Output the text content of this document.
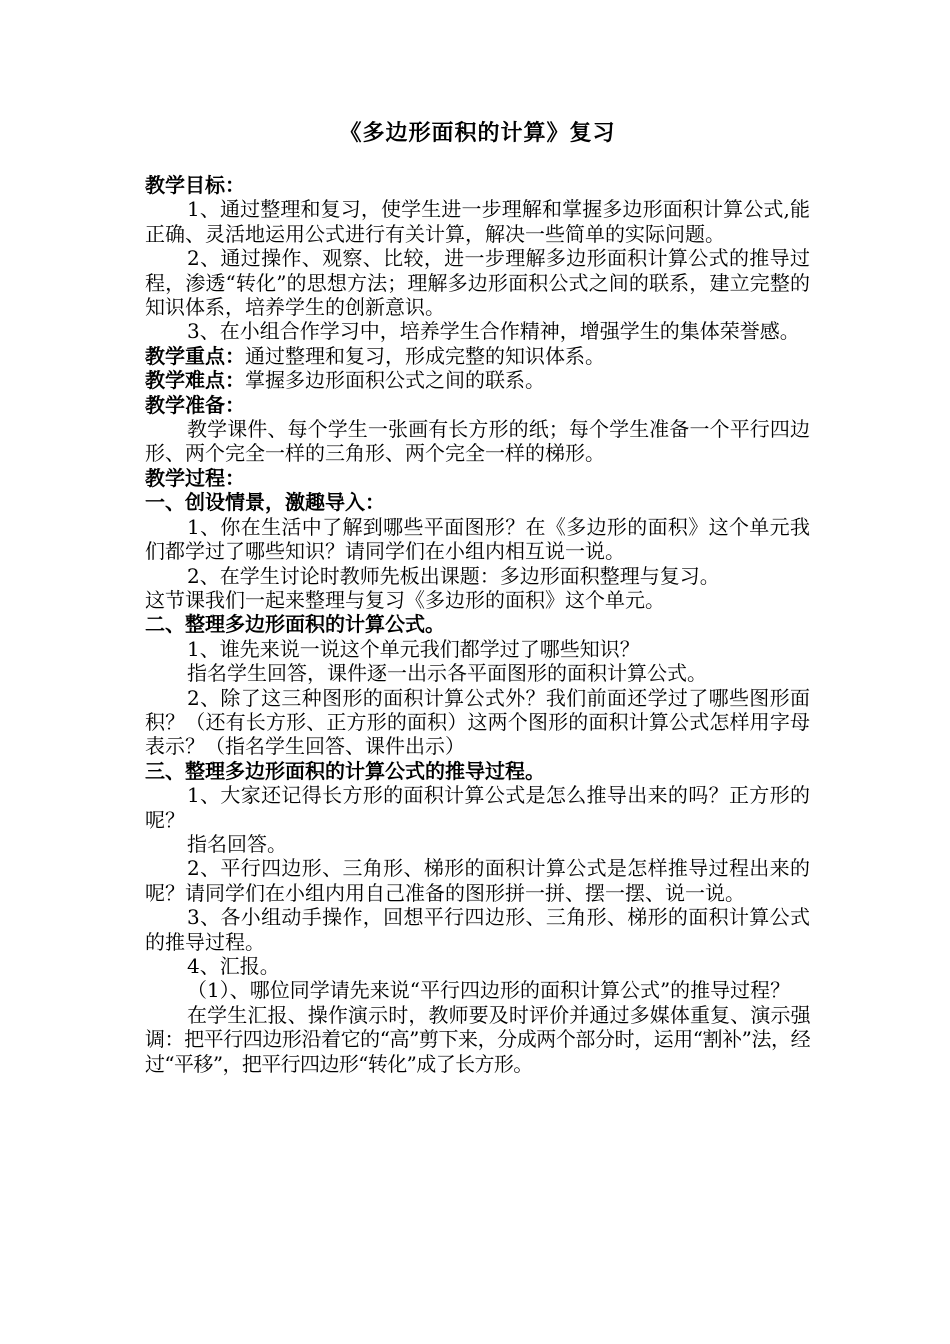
《多边形面积的计算》复习

教学目标：

1、通过整理和复习，使学生进一步理解和掌握多边形面积计算公式,能正确、灵活地运用公式进行有关计算，解决一些简单的实际问题。

2、通过操作、观察、比较，进一步理解多边形面积计算公式的推导过程，渗透“转化”的思想方法；理解多边形面积公式之间的联系，建立完整的知识体系，培养学生的创新意识。

3、在小组合作学习中，培养学生合作精神，增强学生的集体荣誉感。

教学重点：通过整理和复习，形成完整的知识体系。

教学难点：掌握多边形面积公式之间的联系。

教学准备：

教学课件、每个学生一张画有长方形的纸；每个学生准备一个平行四边形、两个完全一样的三角形、两个完全一样的梯形。

教学过程：

一、创设情景，激趣导入：

1、你在生活中了解到哪些平面图形？在《多边形的面积》这个单元我们都学过了哪些知识？请同学们在小组内相互说一说。

2、在学生讨论时教师先板出课题：多边形面积整理与复习。

这节课我们一起来整理与复习《多边形的面积》这个单元。

二、整理多边形面积的计算公式。

1、谁先来说一说这个单元我们都学过了哪些知识？

指名学生回答，课件逐一出示各平面图形的面积计算公式。

2、除了这三种图形的面积计算公式外？我们前面还学过了哪些图形面积？（还有长方形、正方形的面积）这两个图形的面积计算公式怎样用字母表示？（指名学生回答、课件出示）

三、整理多边形面积的计算公式的推导过程。

1、大家还记得长方形的面积计算公式是怎么推导出来的吗？正方形的呢？

指名回答。

2、平行四边形、三角形、梯形的面积计算公式是怎样推导过程出来的呢？请同学们在小组内用自己准备的图形拼一拼、摆一摆、说一说。

3、各小组动手操作，回想平行四边形、三角形、梯形的面积计算公式的推导过程。

4、汇报。

（1）、哪位同学请先来说“平行四边形的面积计算公式”的推导过程？

在学生汇报、操作演示时，教师要及时评价并通过多媒体重复、演示强调：把平行四边形沿着它的“高”剪下来，分成两个部分时，运用“割补”法，经过“平移”，把平行四边形“转化”成了长方形。
